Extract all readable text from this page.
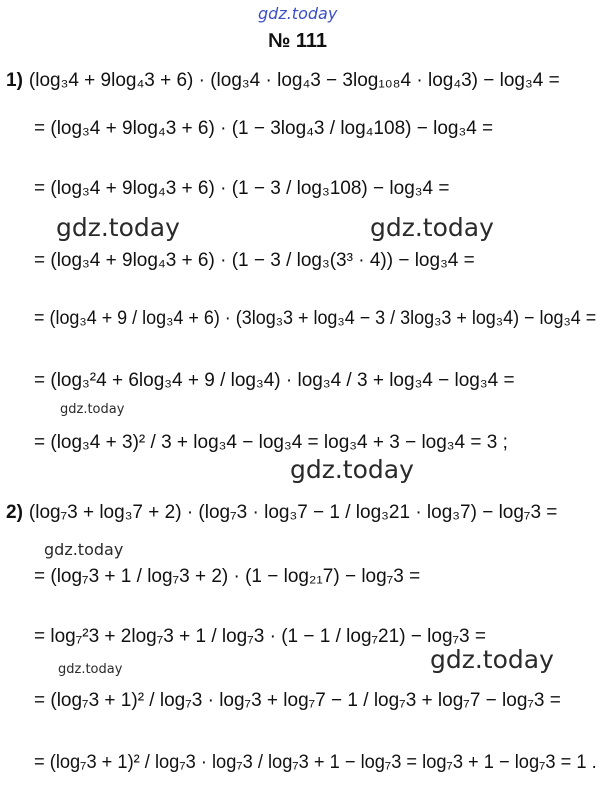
gdz.today
№ 111
1) (log₃4 + 9log₄3 + 6) · (log₃4 · log₄3 − 3log₁₀₈4 · log₄3) − log₃4 =
= (log₃4 + 9log₄3 + 6) · (1 − 3log₄3 / log₄108) − log₃4 =
= (log₃4 + 9log₄3 + 6) · (1 − 3 / log₃108) − log₃4 =
gdz.today	gdz.today
= (log₃4 + 9log₄3 + 6) · (1 − 3 / log₃(3³ · 4)) − log₃4 =
= (log₃4 + 9 / log₃4 + 6) · (3log₃3 + log₃4 − 3 / 3log₃3 + log₃4) − log₃4 =
= (log₃²4 + 6log₃4 + 9 / log₃4) · log₃4 / 3 + log₃4 − log₃4 =
gdz.today
= (log₃4 + 3)² / 3 + log₃4 − log₃4 = log₃4 + 3 − log₃4 = 3 ;
gdz.today
2) (log₇3 + log₃7 + 2) · (log₇3 · log₃7 − 1 / log₃21 · log₃7) − log₇3 =
gdz.today
= (log₇3 + 1 / log₇3 + 2) · (1 − log₂₁7) − log₇3 =
= log₇²3 + 2log₇3 + 1 / log₇3 · (1 − 1 / log₇21) − log₇3 =
gdz.today
gdz.today
= (log₇3 + 1)² / log₇3 · log₇3 + log₇7 − 1 / log₇3 + log₇7 − log₇3 =
= (log₇3 + 1)² / log₇3 · log₇3 / log₇3 + 1 − log₇3 = log₇3 + 1 − log₇3 = 1 .
